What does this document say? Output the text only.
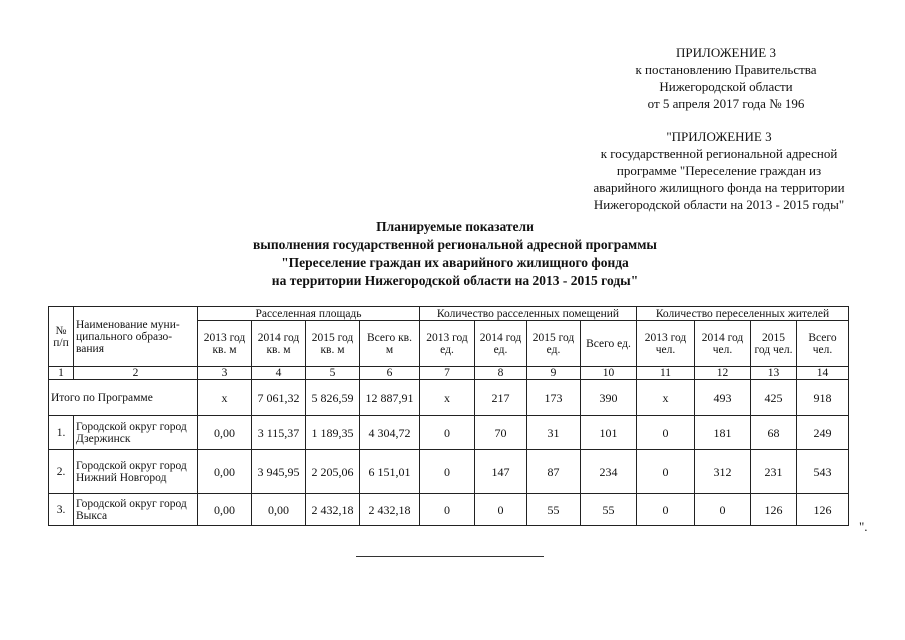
ПРИЛОЖЕНИЕ 3
к постановлению Правительства
Нижегородской области
от 5 апреля 2017 года № 196
"ПРИЛОЖЕНИЕ 3
к государственной региональной адресной
программе "Переселение граждан из
аварийного жилищного фонда на территории
Нижегородской области на 2013 - 2015 годы"
Планируемые показатели
выполнения государственной региональной адресной программы
"Переселение граждан их аварийного жилищного фонда
на территории Нижегородской области на 2013 - 2015 годы"
№ п/п	Наименование муни-ципального образо-вания	Расселенная площадь				Количество расселенных помещений				Количество переселенных жителей			
		2013 год кв. м	2014 год кв. м	2015 год кв. м	Всего кв. м	2013 год ед.	2014 год ед.	2015 год ед.	Всего ед.	2013 год чел.	2014 год чел.	2015 год чел.	Всего чел.
1	2	3	4	5	6	7	8	9	10	11	12	13	14
Итого по Программе		х	7 061,32	5 826,59	12 887,91	х	217	173	390	х	493	425	918
1.	Городской округ город Дзержинск	0,00	3 115,37	1 189,35	4 304,72	0	70	31	101	0	181	68	249
2.	Городской округ город Нижний Новгород	0,00	3 945,95	2 205,06	6 151,01	0	147	87	234	0	312	231	543
3.	Городской округ город Выкса	0,00	0,00	2 432,18	2 432,18	0	0	55	55	0	0	126	126
".
